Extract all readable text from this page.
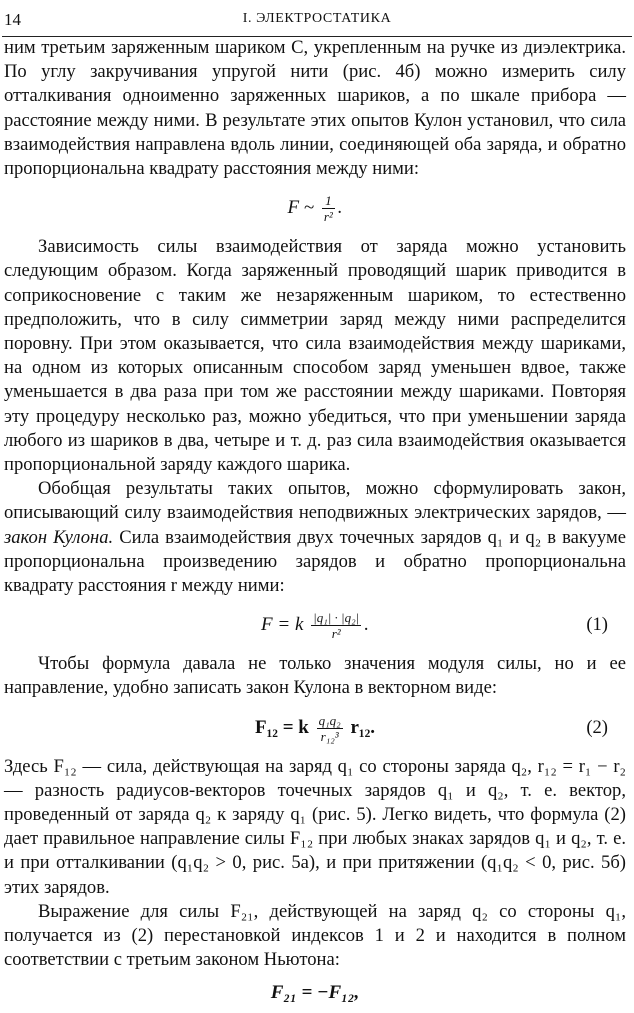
14	I. ЭЛЕКТРОСТАТИКА

ним третьим заряженным шариком C, укрепленным на ручке из диэлектрика. По углу закручивания упругой нити (рис. 4б) можно измерить силу отталкивания одноименно заряженных шариков, а по шкале прибора — расстояние между ними. В результате этих опытов Кулон установил, что сила взаимодействия направлена вдоль линии, соединяющей оба заряда, и обратно пропорциональна квадрату расстояния между ними:

F ~ $\frac{1}{\text{r²}}$ .

Зависимость силы взаимодействия от заряда можно установить следующим образом. Когда заряженный проводящий шарик приводится в соприкосновение с таким же незаряженным шариком, то естественно предположить, что в силу симметрии заряд между ними распределится поровну. При этом оказывается, что сила взаимодействия между шариками, на одном из которых описанным способом заряд уменьшен вдвое, также уменьшается в два раза при том же расстоянии между шариками. Повторяя эту процедуру несколько раз, можно убедиться, что при уменьшении заряда любого из шариков в два, четыре и т. д. раз сила взаимодействия оказывается пропорциональной заряду каждого шарика.

Обобщая результаты таких опытов, можно сформулировать закон, описывающий силу взаимодействия неподвижных электрических зарядов, — закон Кулона. Сила взаимодействия двух точечных зарядов q₁ и q₂ в вакууме пропорциональна произведению зарядов и обратно пропорциональна квадрату расстояния r между ними:

F = k $\frac{\text{|q₁| · |q₂|}}{\text{r²}}$ .	(1)

Чтобы формула давала не только значения модуля силы, но и ее направление, удобно записать закон Кулона в векторном виде:

F₁₂ = k $\frac{\text{q₁q₂}}{\text{r₁₂³}} r_{12}$.	(2)

Здесь F₁₂ — сила, действующая на заряд q₁ со стороны заряда q₂, r₁₂ = r₁ − r₂ — разность радиусов-векторов точечных зарядов q₁ и q₂, т. е. вектор, проведенный от заряда q₂ к заряду q₁ (рис. 5). Легко видеть, что формула (2) дает правильное направление силы F₁₂ при любых знаках зарядов q₁ и q₂, т. е. и при отталкивании (q₁q₂ > 0, рис. 5а), и при притяжении (q₁q₂ < 0, рис. 5б) этих зарядов.

Выражение для силы F₂₁, действующей на заряд q₂ со стороны q₁, получается из (2) перестановкой индексов 1 и 2 и находится в полном соответствии с третьим законом Ньютона:

F₂₁ = −F₁₂,
